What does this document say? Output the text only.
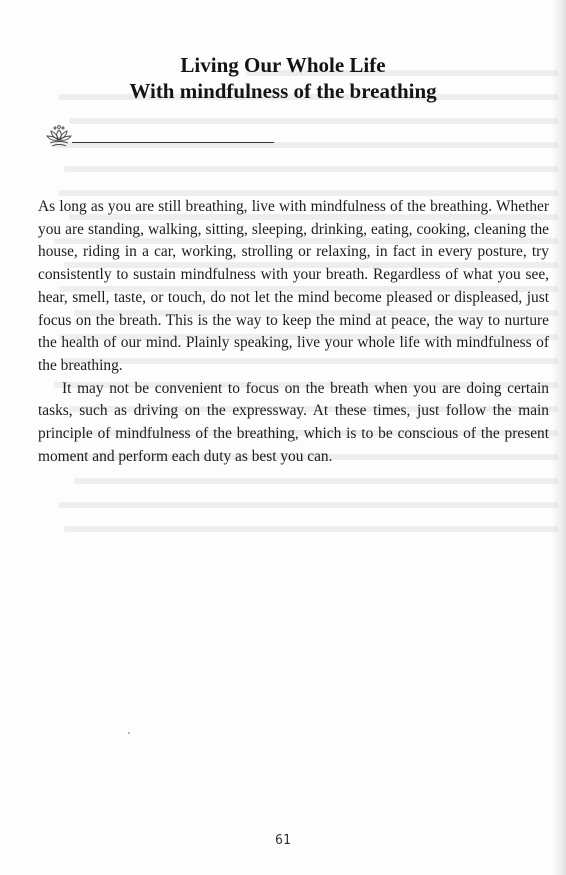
Living Our Whole Life
With mindfulness of the breathing

As long as you are still breathing, live with mindfulness of the breathing. Whether you are standing, walking, sitting, sleeping, drinking, eating, cooking, cleaning the house, riding in a car, working, strolling or relaxing, in fact in every posture, try consistently to sustain mindfulness with your breath. Regardless of what you see, hear, smell, taste, or touch, do not let the mind become pleased or displeased, just focus on the breath. This is the way to keep the mind at peace, the way to nurture the health of our mind. Plainly speaking, live your whole life with mindfulness of the breathing.

It may not be convenient to focus on the breath when you are doing certain tasks, such as driving on the expressway. At these times, just follow the main principle of mindfulness of the breathing, which is to be conscious of the present moment and perform each duty as best you can.

61
